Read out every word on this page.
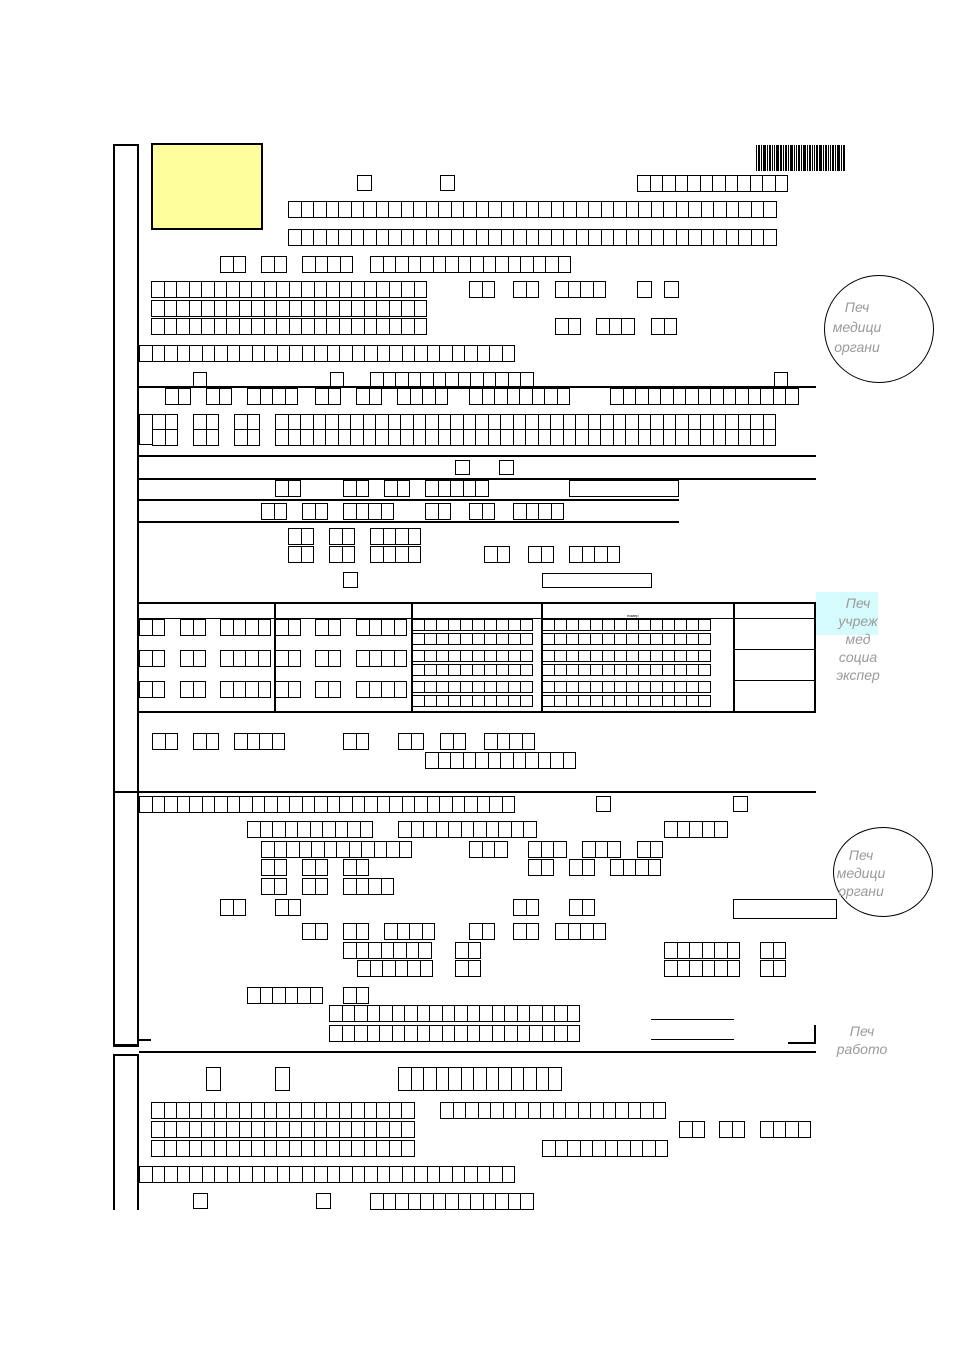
Печ
медици
органи
номер
Печ
учреж
мед
социа
экспер
Печ
медици
органи
Печ
работо
